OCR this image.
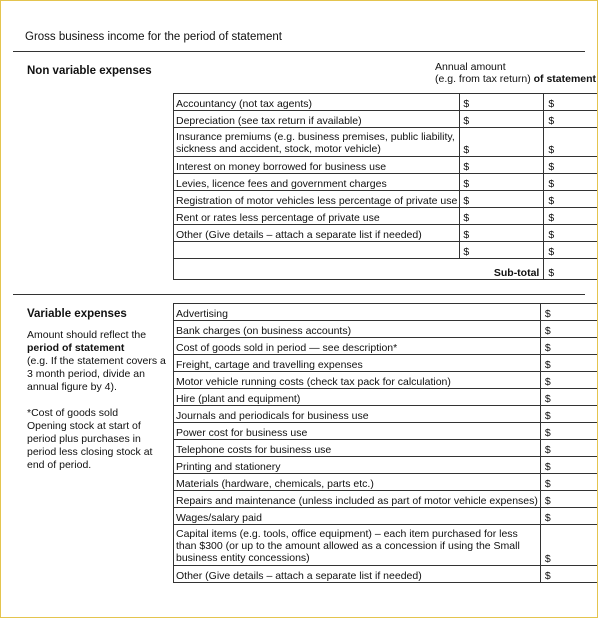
Gross business income for the period of statement
Non variable expenses	Annual amount
(e.g. from tax return) of statement
Accountancy (not tax agents)	$	$
Depreciation (see tax return if available)	$	$
Insurance premiums (e.g. business premises, public liability, sickness and accident, stock, motor vehicle)	$	$
Interest on money borrowed for business use	$	$
Levies, licence fees and government charges	$	$
Registration of motor vehicles less percentage of private use	$	$
Rent or rates less percentage of private use	$	$
Other (Give details – attach a separate list if needed)	$	$
	$	$
Sub-total		$
Variable expenses
Amount should reflect the
period of statement
(e.g. If the statement covers a 3 month period, divide an annual figure by 4).
*Cost of goods sold
Opening stock at start of period plus purchases in period less closing stock at end of period.
Advertising	$
Bank charges (on business accounts)	$
Cost of goods sold in period — see description*	$
Freight, cartage and travelling expenses	$
Motor vehicle running costs (check tax pack for calculation)	$
Hire (plant and equipment)	$
Journals and periodicals for business use	$
Power cost for business use	$
Telephone costs for business use	$
Printing and stationery	$
Materials (hardware, chemicals, parts etc.)	$
Repairs and maintenance (unless included as part of motor vehicle expenses)	$
Wages/salary paid	$
Capital items (e.g. tools, office equipment) – each item purchased for less than $300 (or up to the amount allowed as a concession if using the Small business entity concessions)	$
Other (Give details – attach a separate list if needed)	$
